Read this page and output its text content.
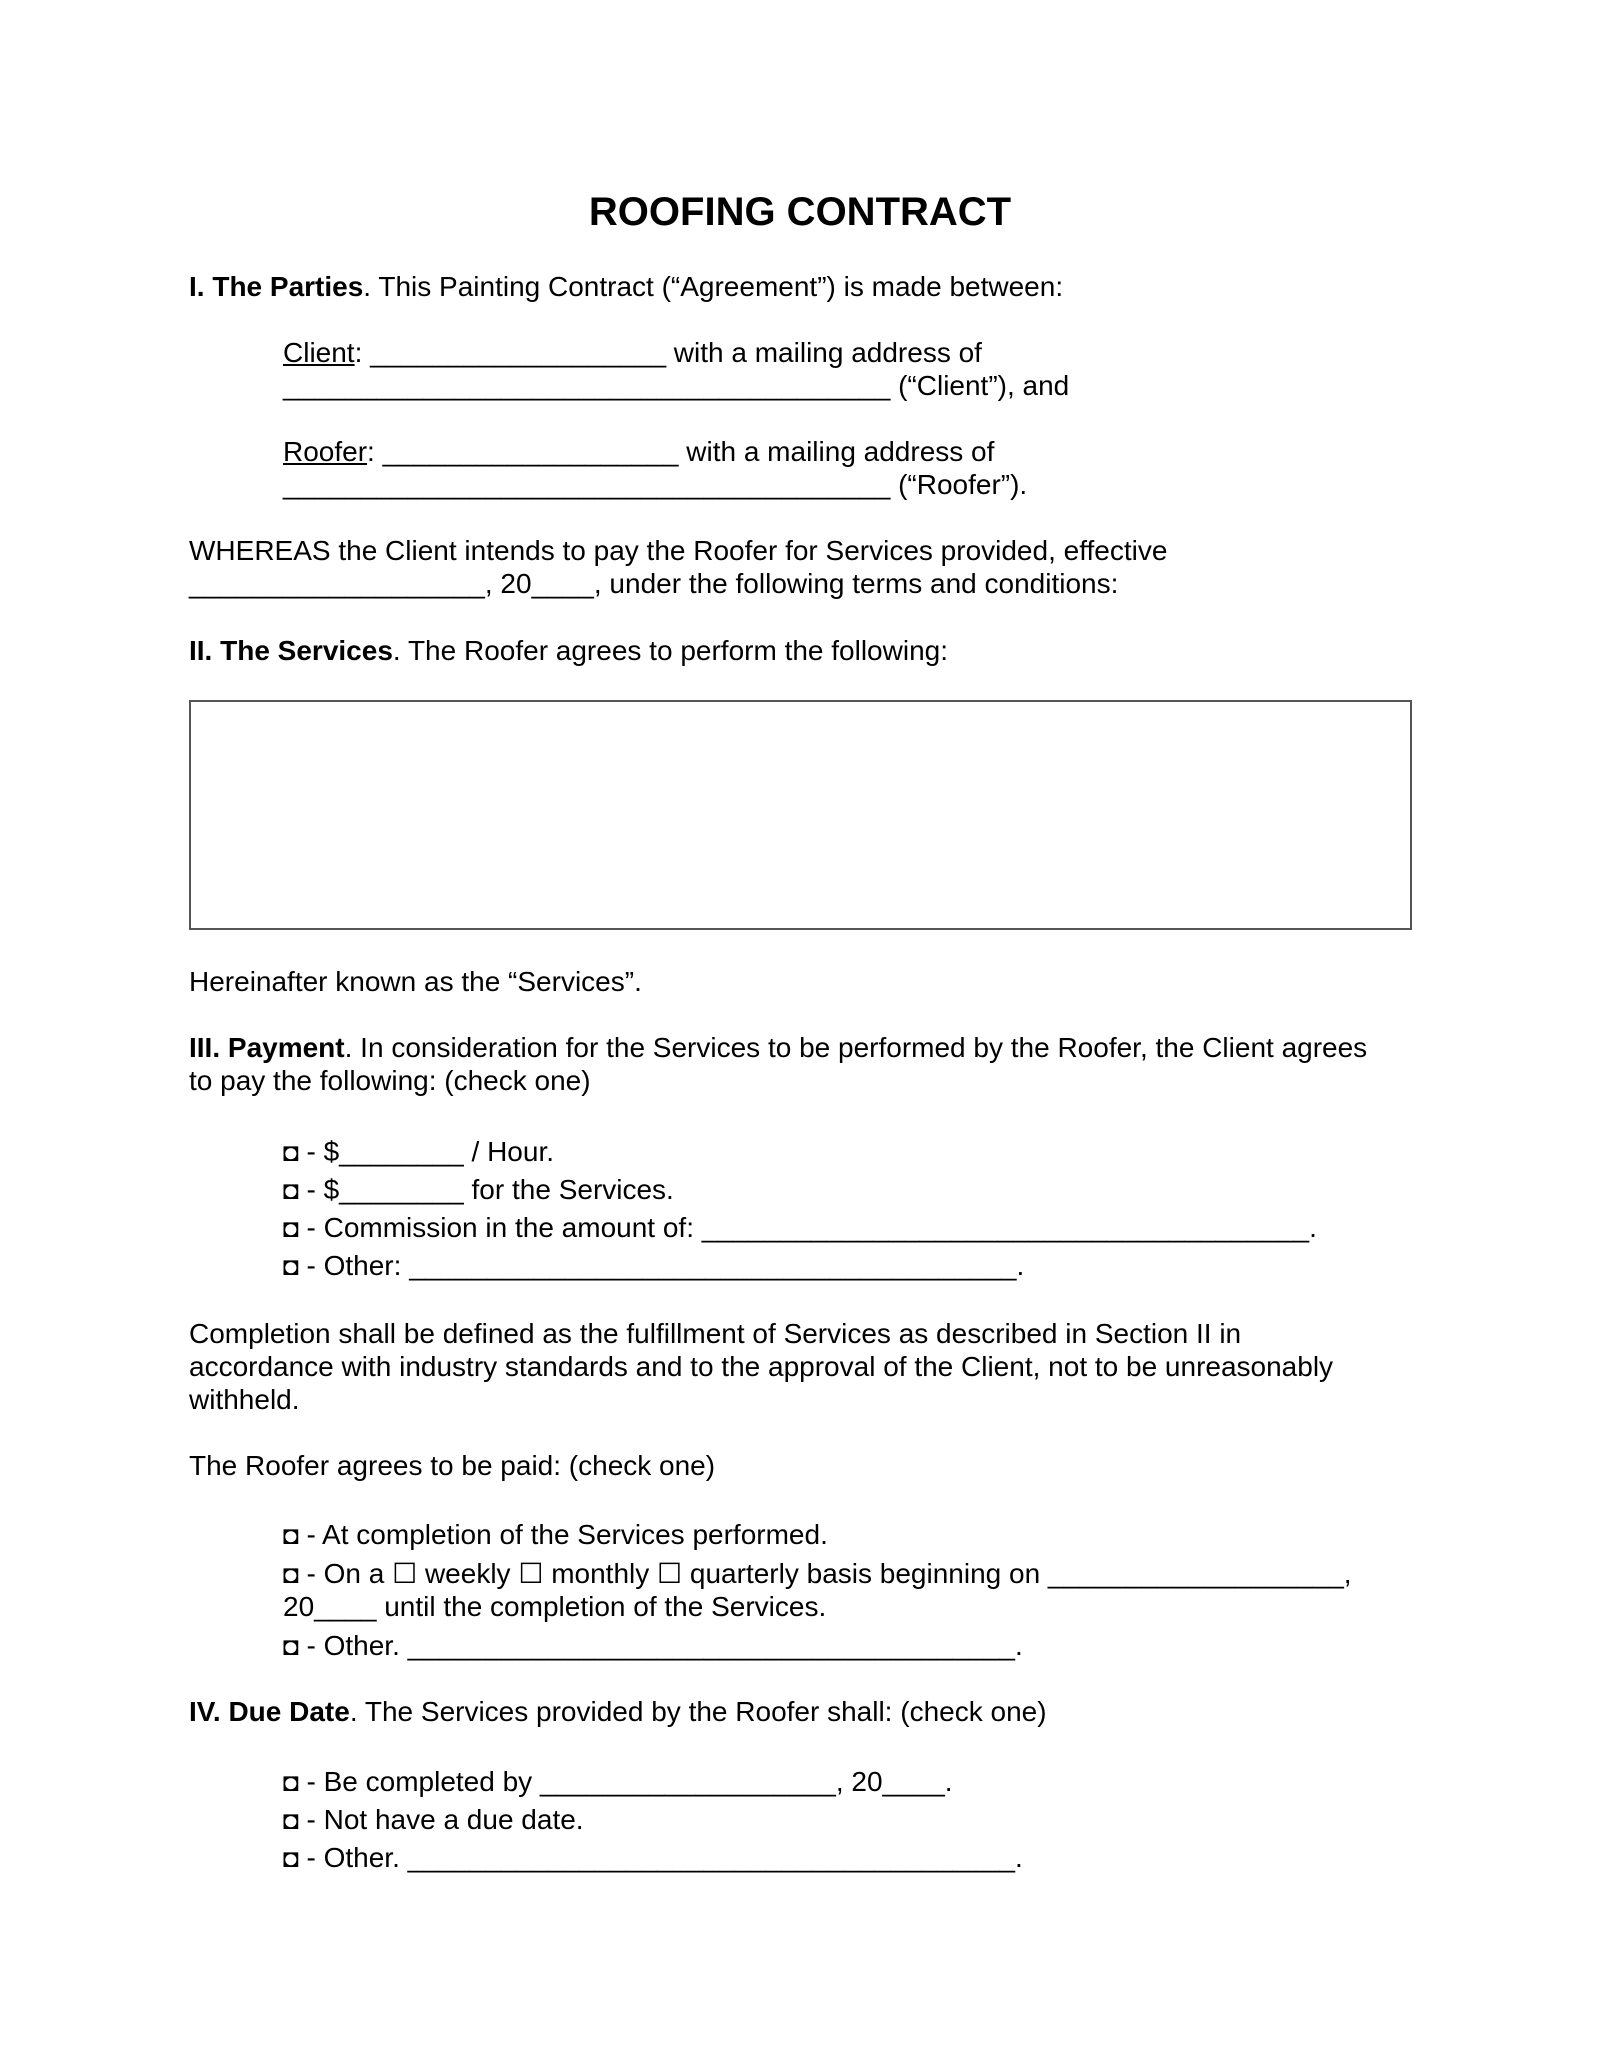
ROOFING CONTRACT
I. The Parties. This Painting Contract (“Agreement”) is made between:
Client: ___________________ with a mailing address of
_______________________________________ (“Client”), and
Roofer: ___________________ with a mailing address of
_______________________________________ (“Roofer”).
WHEREAS the Client intends to pay the Roofer for Services provided, effective
___________________, 20____, under the following terms and conditions:
II. The Services. The Roofer agrees to perform the following:
Hereinafter known as the “Services”.
III. Payment. In consideration for the Services to be performed by the Roofer, the Client agrees
to pay the following: (check one)
◘ - $________ / Hour.
◘ - $________ for the Services.
◘ - Commission in the amount of: _______________________________________.
◘ - Other: _______________________________________.
Completion shall be defined as the fulfillment of Services as described in Section II in
accordance with industry standards and to the approval of the Client, not to be unreasonably
withheld.
The Roofer agrees to be paid: (check one)
◘ - At completion of the Services performed.
◘ - On a ☐ weekly ☐ monthly ☐ quarterly basis beginning on ___________________,
20____ until the completion of the Services.
◘ - Other. _______________________________________.
IV. Due Date. The Services provided by the Roofer shall: (check one)
◘ - Be completed by ___________________, 20____.
◘ - Not have a due date.
◘ - Other. _______________________________________.
